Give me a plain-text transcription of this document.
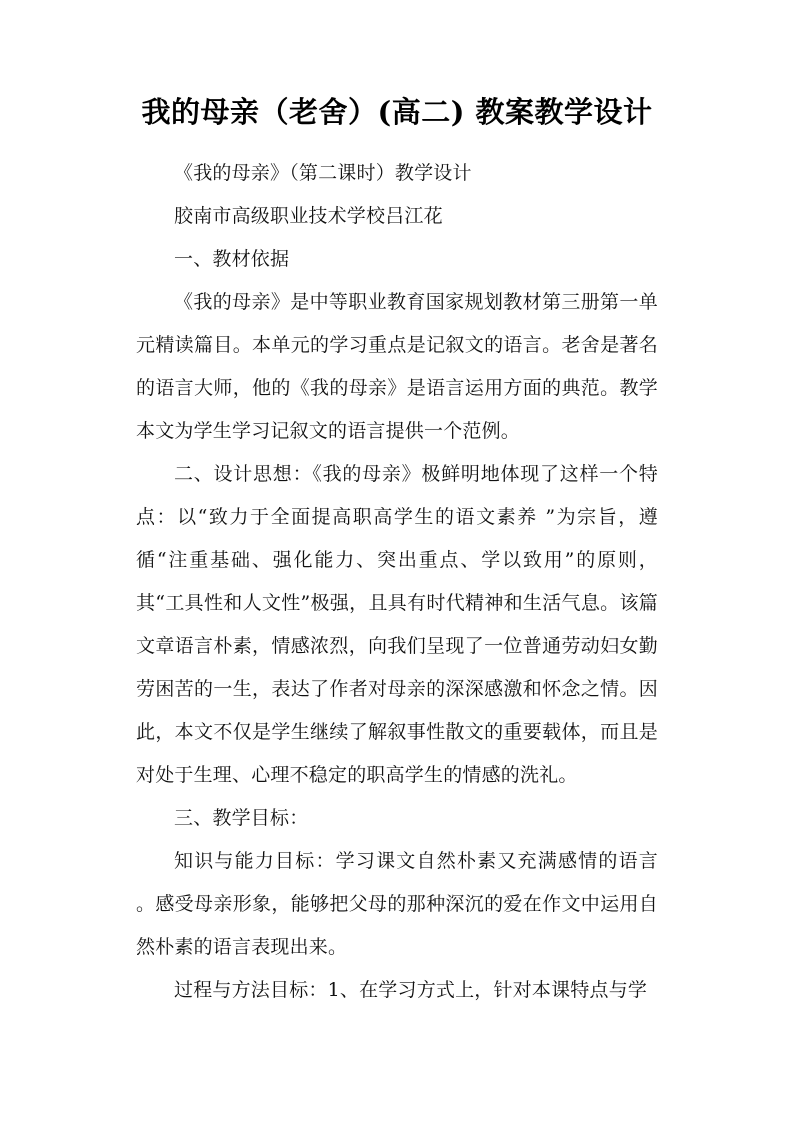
我的母亲（老舍）(高二) 教案教学设计

《我的母亲》（第二课时）教学设计

胶南市高级职业技术学校吕江花

一、教材依据

《我的母亲》是中等职业教育国家规划教材第三册第一单元精读篇目。本单元的学习重点是记叙文的语言。老舍是著名的语言大师，他的《我的母亲》是语言运用方面的典范。教学本文为学生学习记叙文的语言提供一个范例。

二、设计思想：《我的母亲》极鲜明地体现了这样一个特点：以“致力于全面提高职高学生的语文素养 ”为宗旨，遵循“注重基础、强化能力、突出重点、学以致用”的原则，其“工具性和人文性”极强，且具有时代精神和生活气息。该篇文章语言朴素，情感浓烈，向我们呈现了一位普通劳动妇女勤劳困苦的一生，表达了作者对母亲的深深感激和怀念之情。因此，本文不仅是学生继续了解叙事性散文的重要载体，而且是对处于生理、心理不稳定的职高学生的情感的洗礼。

三、教学目标：

知识与能力目标：学习课文自然朴素又充满感情的语言 。感受母亲形象，能够把父母的那种深沉的爱在作文中运用自然朴素的语言表现出来。

过程与方法目标：1、在学习方式上，针对本课特点与学
